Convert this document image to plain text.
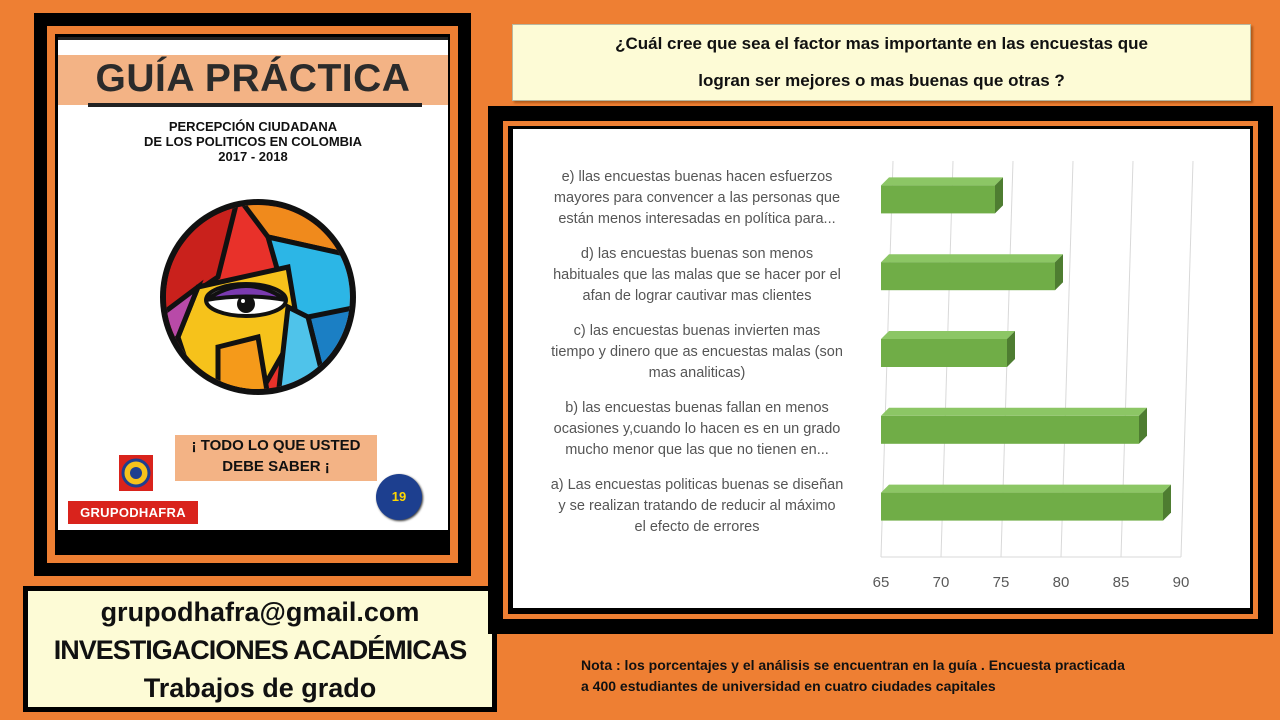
GUÍA PRÁCTICA
PERCEPCIÓN CIUDADANA
DE LOS POLITICOS EN COLOMBIA
2017 - 2018
¡ TODO LO QUE USTED
DEBE SABER ¡
GRUPODHAFRA
19
grupodhafra@gmail.com
INVESTIGACIONES ACADÉMICAS
Trabajos de grado
¿Cuál cree que sea el factor mas importante en las encuestas que
logran ser mejores o mas buenas que otras ?
65	70	75	80	85	90
e) llas encuestas buenas hacen esfuerzos
mayores para convencer a las personas que
están menos interesadas en política para...
d) las encuestas buenas son menos
habituales que las malas que se hacer por el
afan de lograr cautivar mas clientes
c) las encuestas buenas invierten mas
tiempo y dinero que as encuestas malas (son
mas analiticas)
b) las encuestas buenas fallan en menos
ocasiones y,cuando lo hacen es en un grado
mucho menor que las que no tienen en...
a) Las encuestas politicas buenas se diseñan
y se realizan tratando de reducir al máximo
el efecto de errores
Nota : los porcentajes y el análisis se encuentran en la guía . Encuesta practicada
a 400 estudiantes de universidad en cuatro ciudades capitales
